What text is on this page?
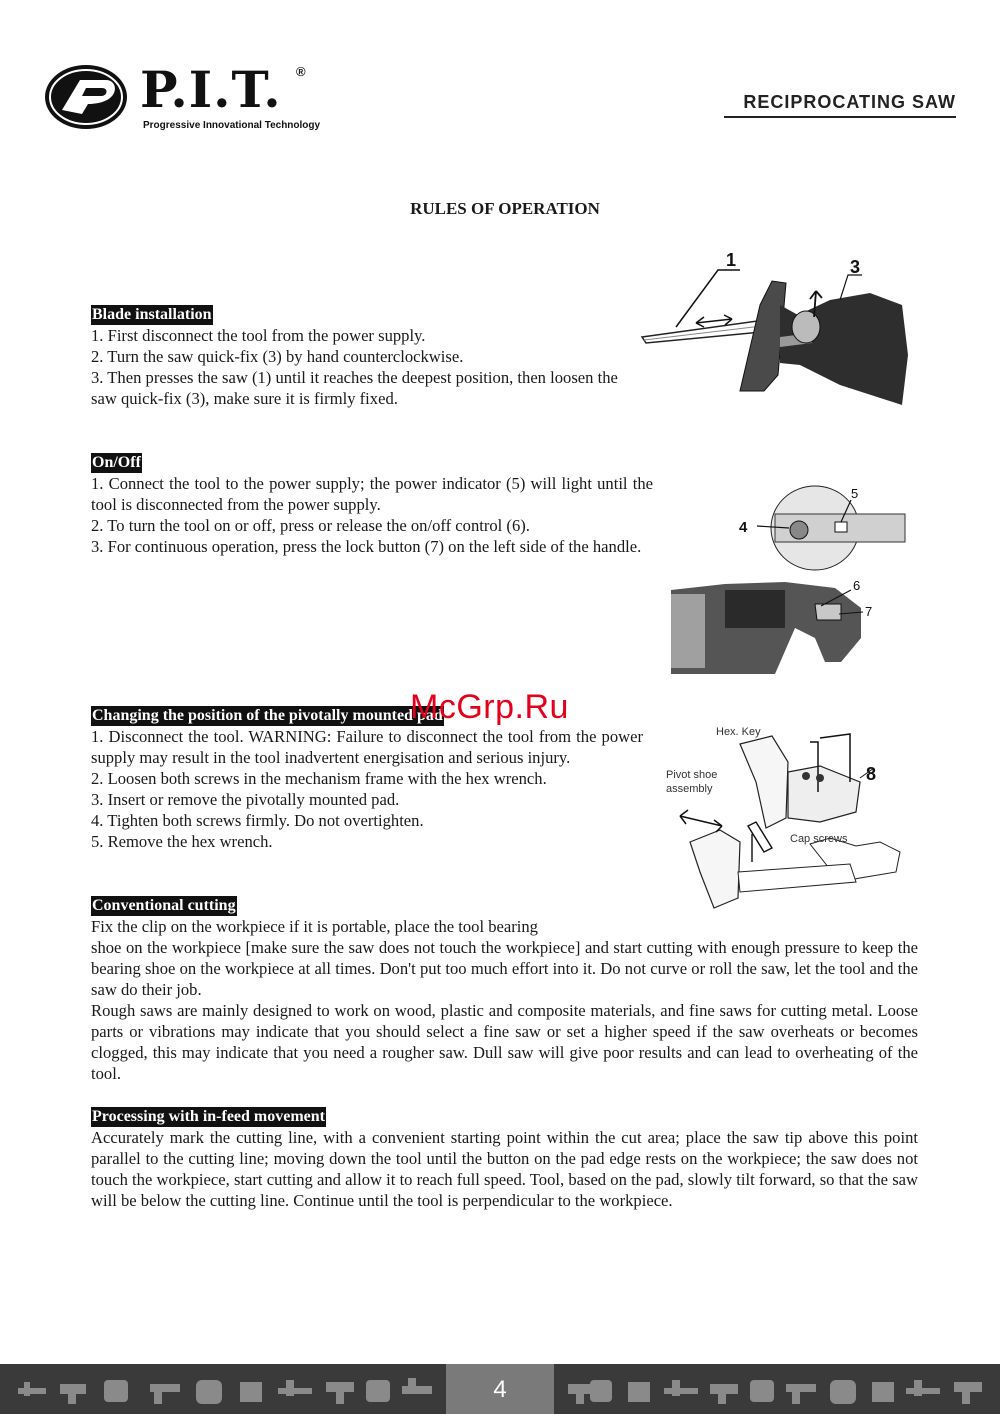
P.I.T. ®
Progressive Innovational Technology
RECIPROCATING SAW
RULES OF OPERATION
Blade installation

1. First disconnect the tool from the power supply.

2. Turn the saw quick-fix (3) by hand counterclockwise.

3. Then presses the saw (1) until it reaches the deepest position, then loosen the saw quick-fix (3), make sure it is firmly fixed.

1	3
On/Off

1. Connect the tool to the power supply; the power indicator (5) will light until the tool is disconnected from the power supply.

2. To turn the tool on or off, press or release the on/off control (6).

3. For continuous operation, press the lock button (7) on the left side of the handle.

4
5
6
7
Changing the position of the pivotally mounted pad

1. Disconnect the tool. WARNING: Failure to disconnect the tool from the power supply may result in the tool inadvertent energisation and serious injury.

2. Loosen both screws in the mechanism frame with the hex wrench.

3. Insert or remove the pivotally mounted pad.

4. Tighten both screws firmly. Do not overtighten.

5. Remove the hex wrench.

McGrp.Ru
Hex. Key
Pivot shoe
assembly
8
Cap screws
Conventional cutting

Fix the clip on the workpiece if it is portable, place the tool bearing

shoe on the workpiece [make sure the saw does not touch the workpiece] and start cutting with enough pressure to keep the bearing shoe on the workpiece at all times. Don't put too much effort into it. Do not curve or roll the saw, let the tool and the saw do their job.

Rough saws are mainly designed to work on wood, plastic and composite materials, and fine saws for cutting metal. Loose parts or vibrations may indicate that you should select a fine saw or set a higher speed if the saw overheats or becomes clogged, this may indicate that you need a rougher saw. Dull saw will give poor results and can lead to overheating of the tool.

Processing with in-feed movement

Accurately mark the cutting line, with a convenient starting point within the cut area; place the saw tip above this point parallel to the cutting line; moving down the tool until the button on the pad edge rests on the workpiece; the saw does not touch the workpiece, start cutting and allow it to reach full speed. Tool, based on the pad, slowly tilt forward, so that the saw will be below the cutting line. Continue until the tool is perpendicular to the workpiece.

4
